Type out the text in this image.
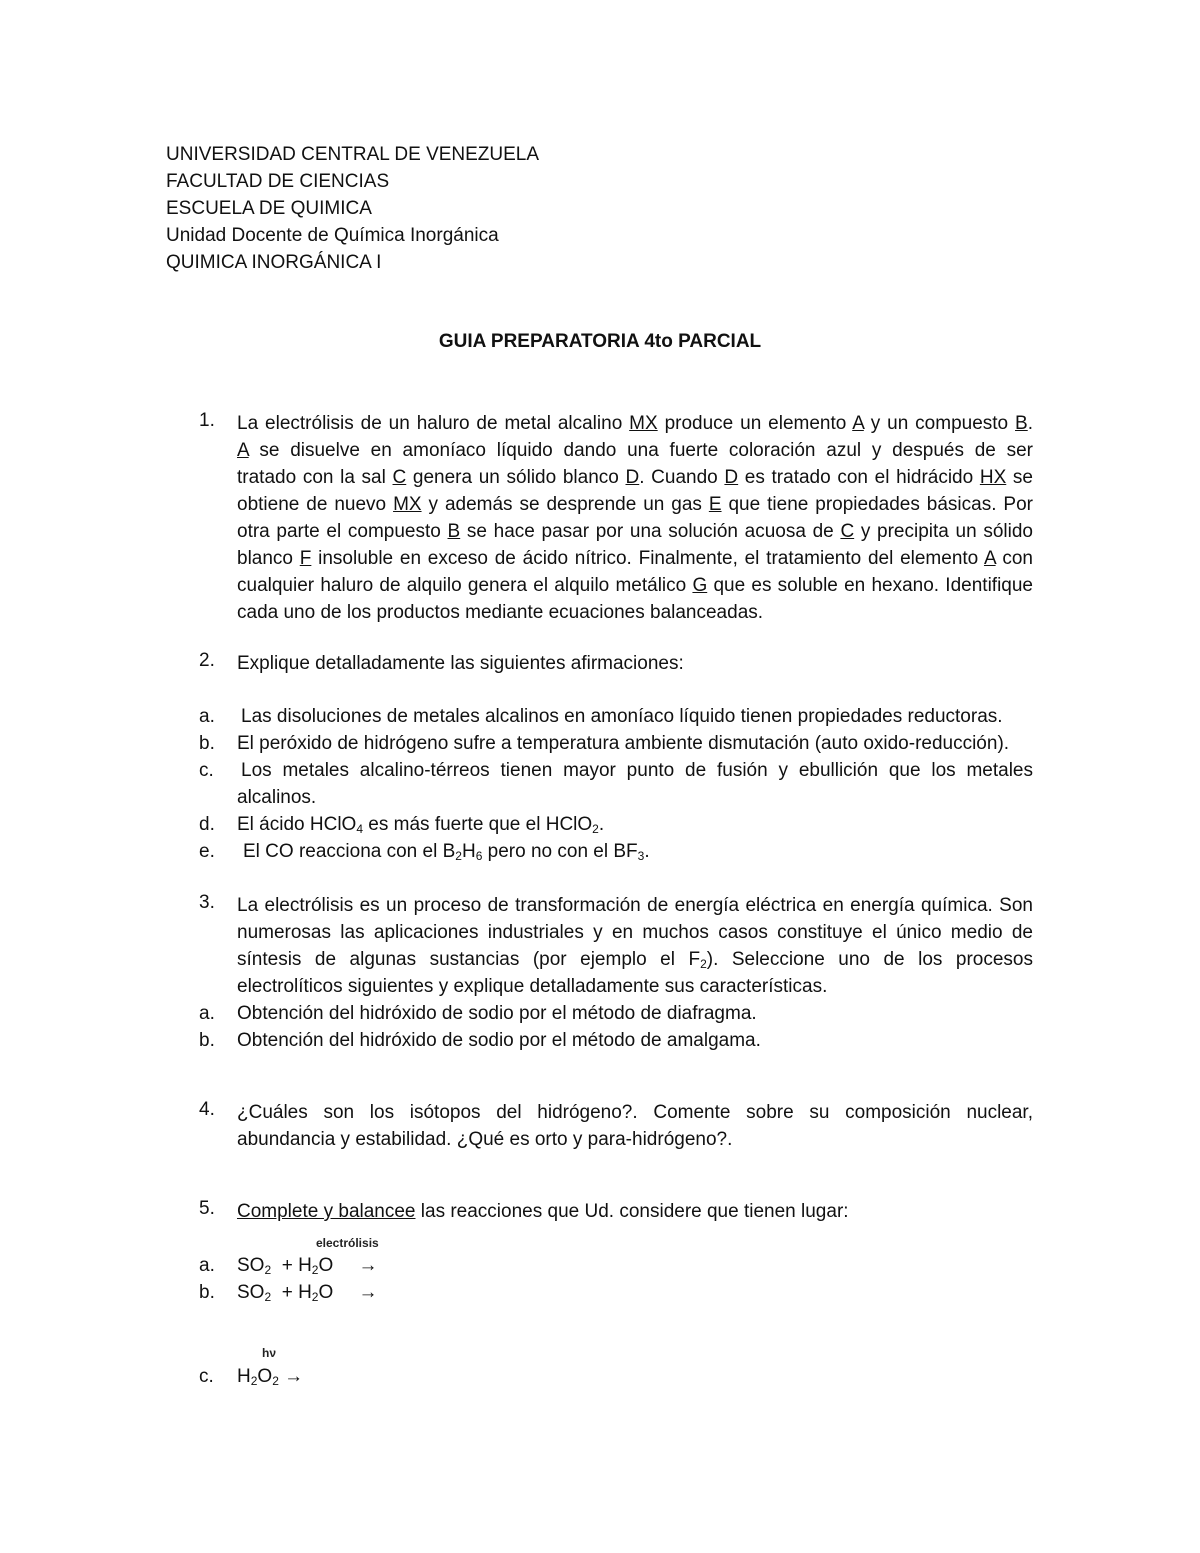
UNIVERSIDAD CENTRAL DE VENEZUELA
FACULTAD DE CIENCIAS
ESCUELA DE QUIMICA
Unidad Docente de Química Inorgánica
QUIMICA INORGÁNICA I
GUIA PREPARATORIA 4to PARCIAL
1. La electrólisis de un haluro de metal alcalino MX produce un elemento A y un compuesto B.
A se disuelve en amoníaco líquido dando una fuerte coloración azul y después de ser
tratado con la sal C genera un sólido blanco D. Cuando D es tratado con el hidrácido HX se
obtiene de nuevo MX y además se desprende un gas E que tiene propiedades básicas. Por
otra parte el compuesto B se hace pasar por una solución acuosa de C y precipita un sólido
blanco F insoluble en exceso de ácido nítrico. Finalmente, el tratamiento del elemento A con
cualquier haluro de alquilo genera el alquilo metálico G que es soluble en hexano. Identifique
cada uno de los productos mediante ecuaciones balanceadas.
2. Explique detalladamente las siguientes afirmaciones:
a. Las disoluciones de metales alcalinos en amoníaco líquido tienen propiedades reductoras.
b. El peróxido de hidrógeno sufre a temperatura ambiente dismutación (auto oxido-reducción).
c. Los metales alcalino-térreos tienen mayor punto de fusión y ebullición que los metales
alcalinos.
d. El ácido HClO$_4$ es más fuerte que el HClO$_2$.
e. El CO reacciona con el $B_2H_6$ pero no con el $BF_3$.
3. La electrólisis es un proceso de transformación de energía eléctrica en energía química. Son
numerosas las aplicaciones industriales y en muchos casos constituye el único medio de
síntesis de algunas sustancias (por ejemplo el $F_2$). Seleccione uno de los procesos
electrolíticos siguientes y explique detalladamente sus características.
a. Obtención del hidróxido de sodio por el método de diafragma.
b. Obtención del hidróxido de sodio por el método de amalgama.
4. ¿Cuáles son los isótopos del hidrógeno?. Comente sobre su composición nuclear,
abundancia y estabilidad. ¿Qué es orto y para-hidrógeno?.
5. Complete y balancee las reacciones que Ud. considere que tienen lugar:
electrólisis
a. $SO_2 + H_2O$ →
b. $SO_2 + H_2O$ →
hν
c. $H_2O_2$ →
